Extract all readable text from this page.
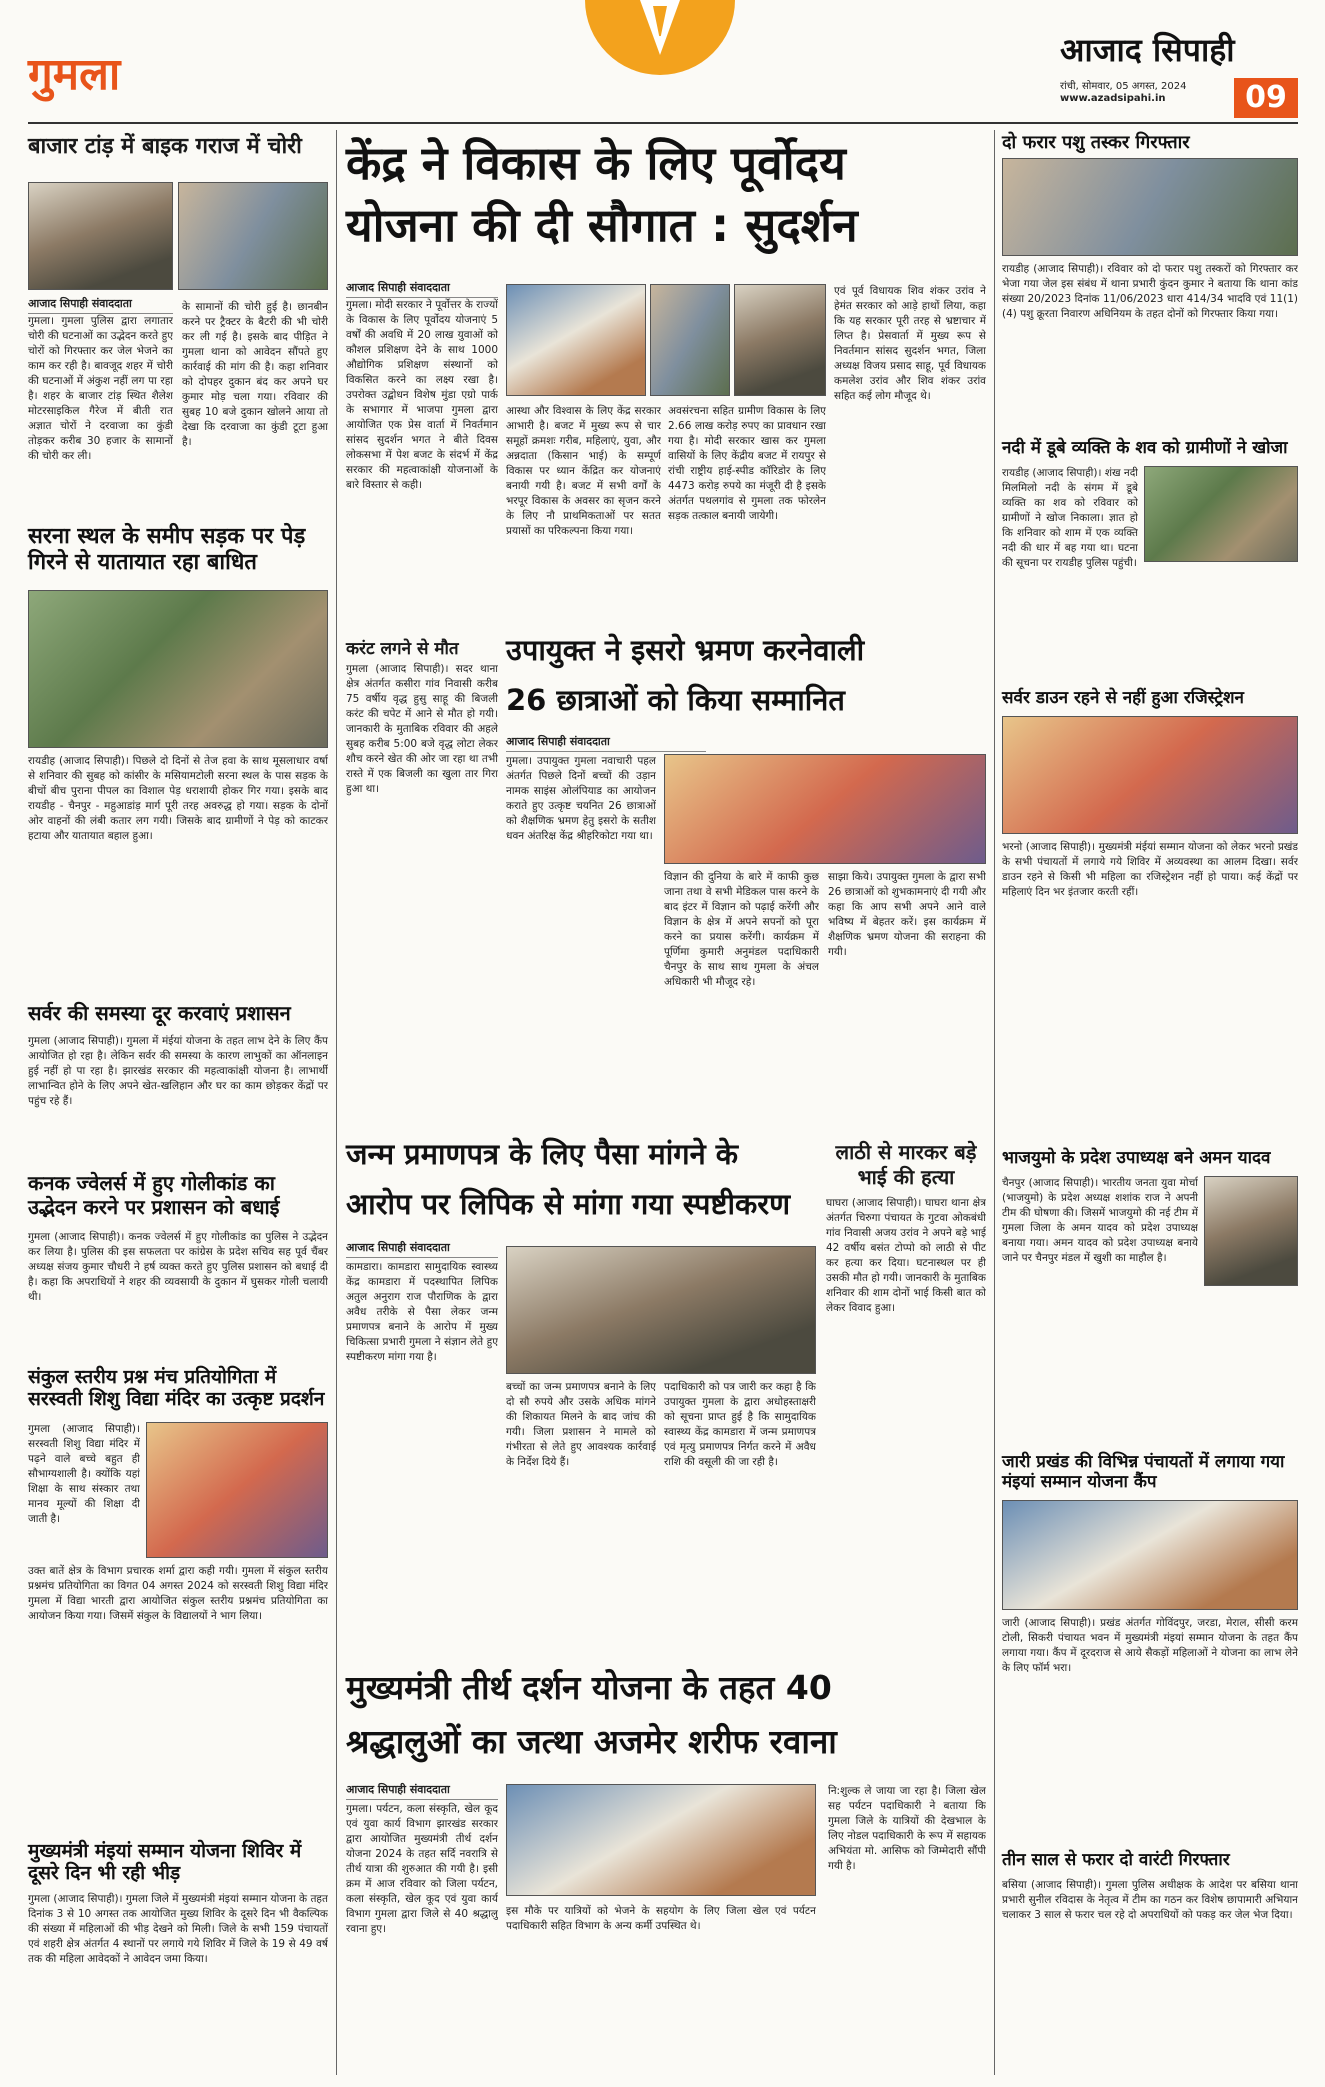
गुमला	आजाद सिपाही
रांची, सोमवार, 05 अगस्त, 2024
www.azadsipahi.in	09
बाजार टांड़ में बाइक गराज में चोरी
आजाद सिपाही संवाददाता
गुमला। गुमला पुलिस द्वारा लगातार चोरी की घटनाओं का उद्भेदन करते हुए चोरों को गिरफ्तार कर जेल भेजने का काम कर रही है। बावजूद शहर में चोरी की घटनाओं में अंकुश नहीं लग पा रहा है। शहर के बाजार टांड़ स्थित शैलेश मोटरसाइकिल गैरेज में बीती रात अज्ञात चोरों ने दरवाजा का कुंडी तोड़कर करीब 30 हजार के सामानों की चोरी कर ली।
के सामानों की चोरी हुई है। छानबीन करने पर ट्रैक्टर के बैटरी की भी चोरी कर ली गई है। इसके बाद पीड़ित ने गुमला थाना को आवेदन सौंपते हुए कार्रवाई की मांग की है। कहा शनिवार को दोपहर दुकान बंद कर अपने घर कुमार मोड़ चला गया। रविवार की सुबह 10 बजे दुकान खोलने आया तो देखा कि दरवाजा का कुंडी टूटा हुआ है।
सरना स्थल के समीप सड़क पर पेड़ गिरने से यातायात रहा बाधित
रायडीह (आजाद सिपाही)। पिछले दो दिनों से तेज हवा के साथ मूसलाधार वर्षा से शनिवार की सुबह को कांसीर के मसियामटोली सरना स्थल के पास सड़क के बीचों बीच पुराना पीपल का विशाल पेड़ धराशायी होकर गिर गया। इसके बाद रायडीह - चैनपुर - महुआडांड़ मार्ग पूरी तरह अवरुद्ध हो गया। सड़क के दोनों ओर वाहनों की लंबी कतार लग गयी। जिसके बाद ग्रामीणों ने पेड़ को काटकर हटाया और यातायात बहाल हुआ।
सर्वर की समस्या दूर करवाएं प्रशासन
गुमला (आजाद सिपाही)। गुमला में मंईयां योजना के तहत लाभ देने के लिए कैंप आयोजित हो रहा है। लेकिन सर्वर की समस्या के कारण लाभुकों का ऑनलाइन हुई नहीं हो पा रहा है। झारखंड सरकार की महत्वाकांक्षी योजना है। लाभार्थी लाभान्वित होने के लिए अपने खेत-खलिहान और घर का काम छोड़कर केंद्रों पर पहुंच रहे हैं।
कनक ज्वेलर्स में हुए गोलीकांड का उद्भेदन करने पर प्रशासन को बधाई
गुमला (आजाद सिपाही)। कनक ज्वेलर्स में हुए गोलीकांड का पुलिस ने उद्भेदन कर लिया है। पुलिस की इस सफलता पर कांग्रेस के प्रदेश सचिव सह पूर्व चैंबर अध्यक्ष संजय कुमार चौधरी ने हर्ष व्यक्त करते हुए पुलिस प्रशासन को बधाई दी है। कहा कि अपराधियों ने शहर की व्यवसायी के दुकान में घुसकर गोली चलायी थी।
संकुल स्तरीय प्रश्न मंच प्रतियोगिता में सरस्वती शिशु विद्या मंदिर का उत्कृष्ट प्रदर्शन
गुमला (आजाद सिपाही)। सरस्वती शिशु विद्या मंदिर में पढ़ने वाले बच्चे बहुत ही सौभाग्यशाली है। क्योंकि यहां शिक्षा के साथ संस्कार तथा मानव मूल्यों की शिक्षा दी जाती है।
उक्त बातें क्षेत्र के विभाग प्रचारक शर्मा द्वारा कही गयी। गुमला में संकुल स्तरीय प्रश्नमंच प्रतियोगिता का विगत 04 अगस्त 2024 को सरस्वती शिशु विद्या मंदिर गुमला में विद्या भारती द्वारा आयोजित संकुल स्तरीय प्रश्नमंच प्रतियोगिता का आयोजन किया गया। जिसमें संकुल के विद्यालयों ने भाग लिया।
मुख्यमंत्री मंइयां सम्मान योजना शिविर में दूसरे दिन भी रही भीड़
गुमला (आजाद सिपाही)। गुमला जिले में मुख्यमंत्री मंइयां सम्मान योजना के तहत दिनांक 3 से 10 अगस्त तक आयोजित मुख्य शिविर के दूसरे दिन भी वैकल्पिक की संख्या में महिलाओं की भीड़ देखने को मिली। जिले के सभी 159 पंचायतों एवं शहरी क्षेत्र अंतर्गत 4 स्थानों पर लगाये गये शिविर में जिले के 19 से 49 वर्ष तक की महिला आवेदकों ने आवेदन जमा किया।
केंद्र ने विकास के लिए पूर्वोदय
योजना की दी सौगात : सुदर्शन
आजाद सिपाही संवाददाता
गुमला। मोदी सरकार ने पूर्वोत्तर के राज्यों के विकास के लिए पूर्वोदय योजनाएं 5 वर्षों की अवधि में 20 लाख युवाओं को कौशल प्रशिक्षण देने के साथ 1000 औद्योगिक प्रशिक्षण संस्थानों को विकसित करने का लक्ष्य रखा है। उपरोक्त उद्बोधन विशेष मुंडा एग्रो पार्क के सभागार में भाजपा गुमला द्वारा आयोजित एक प्रेस वार्ता में निवर्तमान सांसद सुदर्शन भगत ने बीते दिवस लोकसभा में पेश बजट के संदर्भ में केंद्र सरकार की महत्वाकांक्षी योजनाओं के बारे विस्तार से कही।
आस्था और विश्वास के लिए केंद्र सरकार आभारी है। बजट में मुख्य रूप से चार समूहों क्रमशः गरीब, महिलाएं, युवा, और अन्नदाता (किसान भाई) के सम्पूर्ण विकास पर ध्यान केंद्रित कर योजनाएं बनायी गयी है। बजट में सभी वर्गों के भरपूर विकास के अवसर का सृजन करने के लिए नौ प्राथमिकताओं पर सतत प्रयासों का परिकल्पना किया गया।
अवसंरचना सहित ग्रामीण विकास के लिए 2.66 लाख करोड़ रुपए का प्रावधान रखा गया है। मोदी सरकार खास कर गुमला वासियों के लिए केंद्रीय बजट में रायपुर से रांची राष्ट्रीय हाई-स्पीड कॉरिडोर के लिए 4473 करोड़ रुपये का मंजूरी दी है इसके अंतर्गत पथलगांव से गुमला तक फोरलेन सड़क तत्काल बनायी जायेगी।
एवं पूर्व विधायक शिव शंकर उरांव ने हेमंत सरकार को आड़े हाथों लिया, कहा कि यह सरकार पूरी तरह से भ्रष्टाचार में लिप्त है। प्रेसवार्ता में मुख्य रूप से निवर्तमान सांसद सुदर्शन भगत, जिला अध्यक्ष विजय प्रसाद साहू, पूर्व विधायक कमलेश उरांव और शिव शंकर उरांव सहित कई लोग मौजूद थे।
करंट लगने से मौत
गुमला (आजाद सिपाही)। सदर थाना क्षेत्र अंतर्गत कसीरा गांव निवासी करीब 75 वर्षीय वृद्ध हुसु साहू की बिजली करंट की चपेट में आने से मौत हो गयी। जानकारी के मुताबिक रविवार की अहले सुबह करीब 5:00 बजे वृद्ध लोटा लेकर शौच करने खेत की ओर जा रहा था तभी रास्ते में एक बिजली का खुला तार गिरा हुआ था।
उपायुक्त ने इसरो भ्रमण करनेवाली
26 छात्राओं को किया सम्मानित
आजाद सिपाही संवाददाता
गुमला। उपायुक्त गुमला नवाचारी पहल अंतर्गत पिछले दिनों बच्चों की उड़ान नामक साइंस ओलंपियाड का आयोजन कराते हुए उत्कृष्ट चयनित 26 छात्राओं को शैक्षणिक भ्रमण हेतु इसरो के सतीश धवन अंतरिक्ष केंद्र श्रीहरिकोटा गया था।
विज्ञान की दुनिया के बारे में काफी कुछ जाना तथा वे सभी मेडिकल पास करने के बाद इंटर में विज्ञान को पढ़ाई करेंगी और विज्ञान के क्षेत्र में अपने सपनों को पूरा करने का प्रयास करेंगी। कार्यक्रम में पूर्णिमा कुमारी अनुमंडल पदाधिकारी चैनपुर के साथ साथ गुमला के अंचल अधिकारी भी मौजूद रहे।
साझा किये। उपायुक्त गुमला के द्वारा सभी 26 छात्राओं को शुभकामनाएं दी गयी और कहा कि आप सभी अपने आने वाले भविष्य में बेहतर करें। इस कार्यक्रम में शैक्षणिक भ्रमण योजना की सराहना की गयी।
जन्म प्रमाणपत्र के लिए पैसा मांगने के
आरोप पर लिपिक से मांगा गया स्पष्टीकरण
आजाद सिपाही संवाददाता
कामडारा। कामडारा सामुदायिक स्वास्थ्य केंद्र कामडारा में पदस्थापित लिपिक अतुल अनुराग राज पौराणिक के द्वारा अवैध तरीके से पैसा लेकर जन्म प्रमाणपत्र बनाने के आरोप में मुख्य चिकित्सा प्रभारी गुमला ने संज्ञान लेते हुए स्पष्टीकरण मांगा गया है।
बच्चों का जन्म प्रमाणपत्र बनाने के लिए दो सौ रुपये और उसके अधिक मांगने की शिकायत मिलने के बाद जांच की गयी। जिला प्रशासन ने मामले को गंभीरता से लेते हुए आवश्यक कार्रवाई के निर्देश दिये हैं।
पदाधिकारी को पत्र जारी कर कहा है कि उपायुक्त गुमला के द्वारा अधोहस्ताक्षरी को सूचना प्राप्त हुई है कि सामुदायिक स्वास्थ्य केंद्र कामडारा में जन्म प्रमाणपत्र एवं मृत्यु प्रमाणपत्र निर्गत करने में अवैध राशि की वसूली की जा रही है।
लाठी से मारकर बड़े भाई की हत्या
घाघरा (आजाद सिपाही)। घाघरा थाना क्षेत्र अंतर्गत चिरुगा पंचायत के गुटवा ओकबंधी गांव निवासी अजय उरांव ने अपने बड़े भाई 42 वर्षीय बसंत टोप्पो को लाठी से पीट कर हत्या कर दिया। घटनास्थल पर ही उसकी मौत हो गयी। जानकारी के मुताबिक शनिवार की शाम दोनों भाई किसी बात को लेकर विवाद हुआ।
मुख्यमंत्री तीर्थ दर्शन योजना के तहत 40
श्रद्धालुओं का जत्था अजमेर शरीफ रवाना
आजाद सिपाही संवाददाता
गुमला। पर्यटन, कला संस्कृति, खेल कूद एवं युवा कार्य विभाग झारखंड सरकार द्वारा आयोजित मुख्यमंत्री तीर्थ दर्शन योजना 2024 के तहत सर्दि नवरात्रि से तीर्थ यात्रा की शुरुआत की गयी है। इसी क्रम में आज रविवार को जिला पर्यटन, कला संस्कृति, खेल कूद एवं युवा कार्य विभाग गुमला द्वारा जिले से 40 श्रद्धालु रवाना हुए।
नि:शुल्क ले जाया जा रहा है। जिला खेल सह पर्यटन पदाधिकारी ने बताया कि गुमला जिले के यात्रियों की देखभाल के लिए नोडल पदाधिकारी के रूप में सहायक अभियंता मो. आसिफ को जिम्मेदारी सौंपी गयी है।
इस मौके पर यात्रियों को भेजने के सहयोग के लिए जिला खेल एवं पर्यटन पदाधिकारी सहित विभाग के अन्य कर्मी उपस्थित थे।
दो फरार पशु तस्कर गिरफ्तार
रायडीह (आजाद सिपाही)। रविवार को दो फरार पशु तस्करों को गिरफ्तार कर भेजा गया जेल इस संबंध में थाना प्रभारी कुंदन कुमार ने बताया कि थाना कांड संख्या 20/2023 दिनांक 11/06/2023 धारा 414/34 भादवि एवं 11(1)(4) पशु क्रूरता निवारण अधिनियम के तहत दोनों को गिरफ्तार किया गया।
नदी में डूबे व्यक्ति के शव को ग्रामीणों ने खोजा
रायडीह (आजाद सिपाही)। शंख नदी मिलमिलो नदी के संगम में डूबे व्यक्ति का शव को रविवार को ग्रामीणों ने खोज निकाला। ज्ञात हो कि शनिवार को शाम में एक व्यक्ति नदी की धार में बह गया था। घटना की सूचना पर रायडीह पुलिस पहुंची।
सर्वर डाउन रहने से नहीं हुआ रजिस्ट्रेशन
भरनो (आजाद सिपाही)। मुख्यमंत्री मंईयां सम्मान योजना को लेकर भरनो प्रखंड के सभी पंचायतों में लगाये गये शिविर में अव्यवस्था का आलम दिखा। सर्वर डाउन रहने से किसी भी महिला का रजिस्ट्रेशन नहीं हो पाया। कई केंद्रों पर महिलाएं दिन भर इंतजार करती रहीं।
भाजयुमो के प्रदेश उपाध्यक्ष बने अमन यादव
चैनपुर (आजाद सिपाही)। भारतीय जनता युवा मोर्चा (भाजयुमो) के प्रदेश अध्यक्ष शशांक राज ने अपनी टीम की घोषणा की। जिसमें भाजयुमो की नई टीम में गुमला जिला के अमन यादव को प्रदेश उपाध्यक्ष बनाया गया। अमन यादव को प्रदेश उपाध्यक्ष बनाये जाने पर चैनपुर मंडल में खुशी का माहौल है।
जारी प्रखंड की विभिन्न पंचायतों में लगाया गया मंइयां सम्मान योजना कैंप
जारी (आजाद सिपाही)। प्रखंड अंतर्गत गोविंदपुर, जरडा, मेराल, सीसी करम टोली, सिकरी पंचायत भवन में मुख्यमंत्री मंइयां सम्मान योजना के तहत कैंप लगाया गया। कैंप में दूरदराज से आये सैकड़ों महिलाओं ने योजना का लाभ लेने के लिए फॉर्म भरा।
तीन साल से फरार दो वारंटी गिरफ्तार
बसिया (आजाद सिपाही)। गुमला पुलिस अधीक्षक के आदेश पर बसिया थाना प्रभारी सुनील रविदास के नेतृत्व में टीम का गठन कर विशेष छापामारी अभियान चलाकर 3 साल से फरार चल रहे दो अपराधियों को पकड़ कर जेल भेज दिया।
